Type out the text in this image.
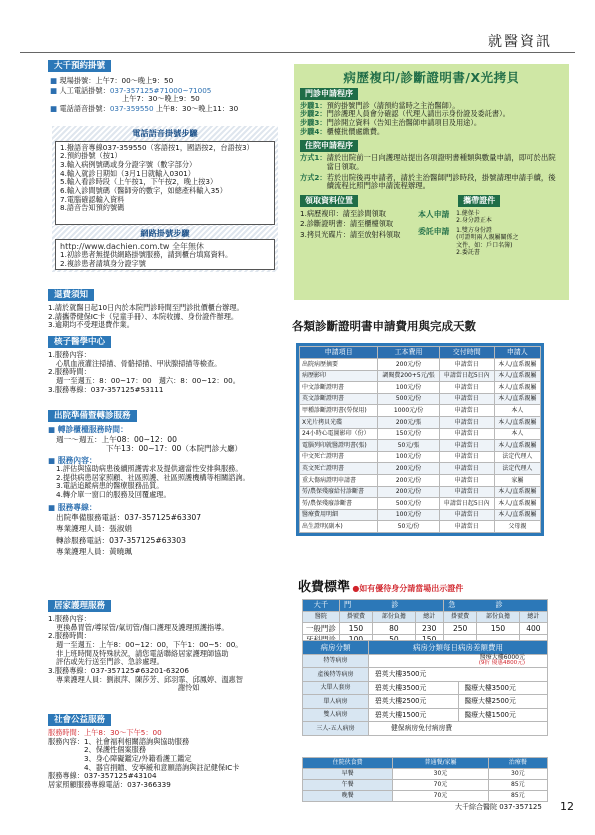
就醫資訊
大千預約掛號

■ 現場掛號：上午7：00～晚上9：50

■ 人工電話掛號：037-357125#71000~71005

上午7：30～晚上9：50

■ 電話語音掛號：037-359550 上午8：30～晚上11：30

電話語音掛號步驟

1.撥語音專線037-359550（客語按1，國語按2，台語按3）

2.預約掛號（按1）

3.輸入病例號碼或身分證字號（數字部分）

4.輸入就診日期如（3月1日就輸入0301）

5.輸入看診時段（上午按1，下午按2，晚上按3）

6.輸入診間號碼（醫師旁的數字，如總產科輸入35）

7.電腦確認輸入資料

8.語音告知預約號碼

網路掛號步驟

http://www.dachien.com.tw 全年無休

1.初診患者無提供網路掛號服務，請到櫃台填寫資料。

2.複診患者請填身分證字號

退費須知

1.請於就醫日起10日內於本院門診時間至門診批價櫃台辦理。

2.請攜帶健保IC卡（兒童手冊）、本院收據、身份證件辦理。

3.逾期均不受理退費作業。

核子醫學中心

1.服務內容：

心肌血液灌注掃描、骨骼掃描、甲狀腺掃描等檢查。

2.服務時間：

週一至週五：8：00~17：00　週六：8：00~12：00。

3.服務專線：037-357125#53111

出院準備暨轉診服務

■ 轉診櫃檯服務時間：

週一～週五：上午08：00~12：00

下午13：00~17：00（本院門診大廳）

■ 服務內容：

1.評估與協助病患後續照護需求及提供適當性安排與服務。

2.提供病患居家照顧、社區照護、社區照護機構等相關諮詢。

3.電話追蹤病患的醫療服務品質。

4.轉介單一窗口的服務及回覆處理。

■ 服務專線：

出院準備服務電話：037-357125#63307

專業護理人員：張淑娟

轉診服務電話：037-357125#63303

專業護理人員：黃曉珮

居家護理服務

1.服務內容：

更換鼻胃管/導尿管/氣切管/傷口護理及護理照護指導。

2.服務時間：

週一至週五：上午8：00~12：00，下午1：00~5：00。

非上班時間及特殊狀況，請您電話聯絡居家護理師協助

評估或先行送至門診、急診處理。

3.服務專線：037-357125#63201-63206

專業護理人員：劉淑萍、陳莎芳、邱羽霏、邱鳳婷、溫惠智

謝怜如

社會公益服務

服務時間：上午8：30～下午5：00

服務內容： 1、社會福利相關諮詢與協助服務

2、保護性個案服務

3、身心障礙鑑定/外籍看護工鑑定

4、器官捐贈、安寧緩和意願諮詢與註記健保IC卡

服務專線：037-357125#43104

居家照顧服務專線電話：037-366339

病歷複印/診斷證明書/X光拷貝
門診申請程序

步驟1：預約掛號門診（請預約當時之主治醫師）。

步驟2：門診護理人員會分確認（代理人請出示身份證及委託書）。

步驟3：門診開立資料（告知主治醫師申請項目及用途）。

步驟4：櫃檯批價處繳費。

住院申請程序
方式1： 請於出院前一日向護理站提出各項證明書種類與數量申請，即可於出院當日領取。
方式2： 若於出院後再申請者，請於主治醫師門診時段，掛號請理申請手續，後續流程比照門診申請流程辦理。
領取資料位置

1.病歷複印：請至診間領取

2.診斷證明書：請至櫃檯領取

3.拷貝光碟片：請至放射科領取

攜帶證件
本人申請	1.健保卡

2.身分證正本

委託申請	1.雙方身份證

(可證明兩人親屬關係之

文件，如：戶口名簿)

2.委託書

各類診斷證明書申請費用與完成天數
申請項目	工本費用	交付時間	申請人
出院病歷摘要	200元/份	申請當日	本人/直系親屬
病歷影印	調閱費200+5元/張	申請當日起5日內	本人/直系親屬
中文診斷證明書	100元/份	申請當日	本人/直系親屬
英文診斷證明書	500元/份	申請當日	本人/直系親屬
甲種診斷證明書(勞保用)	1000元/份	申請當日	本人
X光片拷貝光碟	200元/張	申請當日	本人/直系親屬
24小時心電圖影印（份）	150元/份	申請當日	本人
電腦列印就醫證明書(張)	50元/張	申請當日	本人/直系親屬
中文死亡證明書	100元/份	申請當日	法定代理人
英文死亡證明書	200元/份	申請當日	法定代理人
重大傷病證明申請書	200元/份	申請當日	家屬
勞/農保殘廢給付診斷書	200元/份	申請當日	本人/直系親屬
勞/農保殘廢診斷書	500元/份	申請當日起5日內	本人/直系親屬
醫療費用明細	100元/份	申請當日	本人/直系親屬
出生證明(副本)	50元/份	申請當日	父母親
收費標準 ●如有優待身分請當場出示證件
大千	門診			急診		
醫院	掛號費	部份負擔	總計	掛號費	部份負擔	總計
一般門診	150	80	230	250	150	400

病房分類	病房分類每日病房差額費用	
特等病房	醫療大樓6000元
(9折 優惠4800元)	

產後特等病房	碧英大樓3500元	
大單人套房	碧英大樓3500元	醫療大樓3500元
單人病房	碧英大樓2500元	醫療大樓2500元
雙人病房	碧英大樓1500元	醫療大樓1500元
三人-五人病房	健保病房免付病房費	
住院伙食費	普通餐/家屬	治療餐
早餐	30元	30元
午餐	70元	85元
晚餐	70元	85元
大千綜合醫院 037-357125 12
